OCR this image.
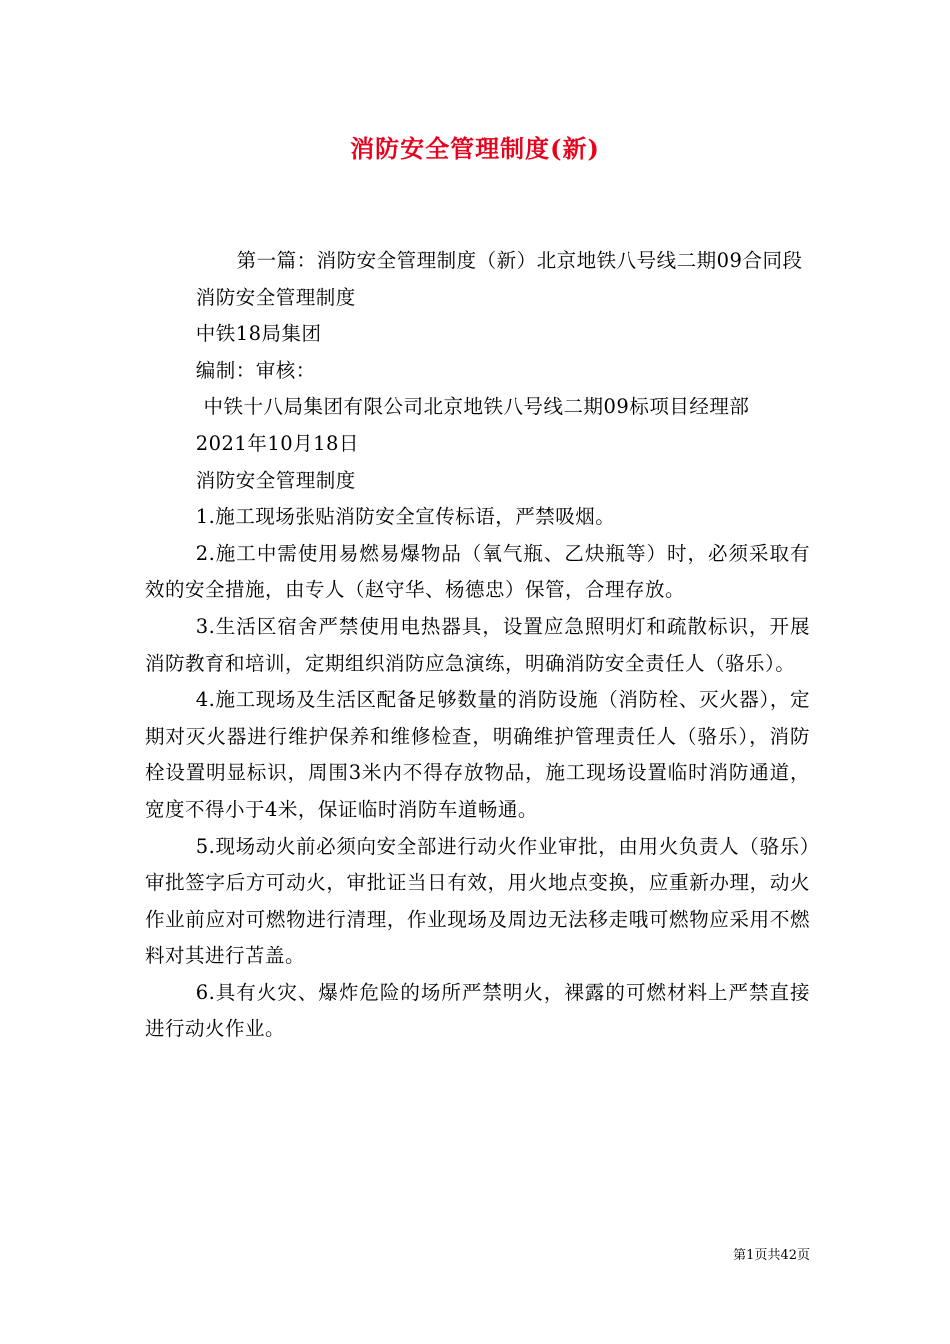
消防安全管理制度(新)

第一篇：消防安全管理制度（新）北京地铁八号线二期09合同段

消防安全管理制度

中铁18局集团

编制：审核：

中铁十八局集团有限公司北京地铁八号线二期09标项目经理部

2021年10月18日

消防安全管理制度

1.施工现场张贴消防安全宣传标语，严禁吸烟。

2.施工中需使用易燃易爆物品（氧气瓶、乙炔瓶等）时，必须采取有效的安全措施，由专人（赵守华、杨德忠）保管，合理存放。

3.生活区宿舍严禁使用电热器具，设置应急照明灯和疏散标识，开展消防教育和培训，定期组织消防应急演练，明确消防安全责任人（骆乐）。

4.施工现场及生活区配备足够数量的消防设施（消防栓、灭火器），定期对灭火器进行维护保养和维修检查，明确维护管理责任人（骆乐），消防栓设置明显标识，周围3米内不得存放物品，施工现场设置临时消防通道，宽度不得小于4米，保证临时消防车道畅通。

5.现场动火前必须向安全部进行动火作业审批，由用火负责人（骆乐）审批签字后方可动火，审批证当日有效，用火地点变换，应重新办理，动火作业前应对可燃物进行清理，作业现场及周边无法移走哦可燃物应采用不燃料对其进行苫盖。

6.具有火灾、爆炸危险的场所严禁明火，裸露的可燃材料上严禁直接进行动火作业。

第1页共42页
